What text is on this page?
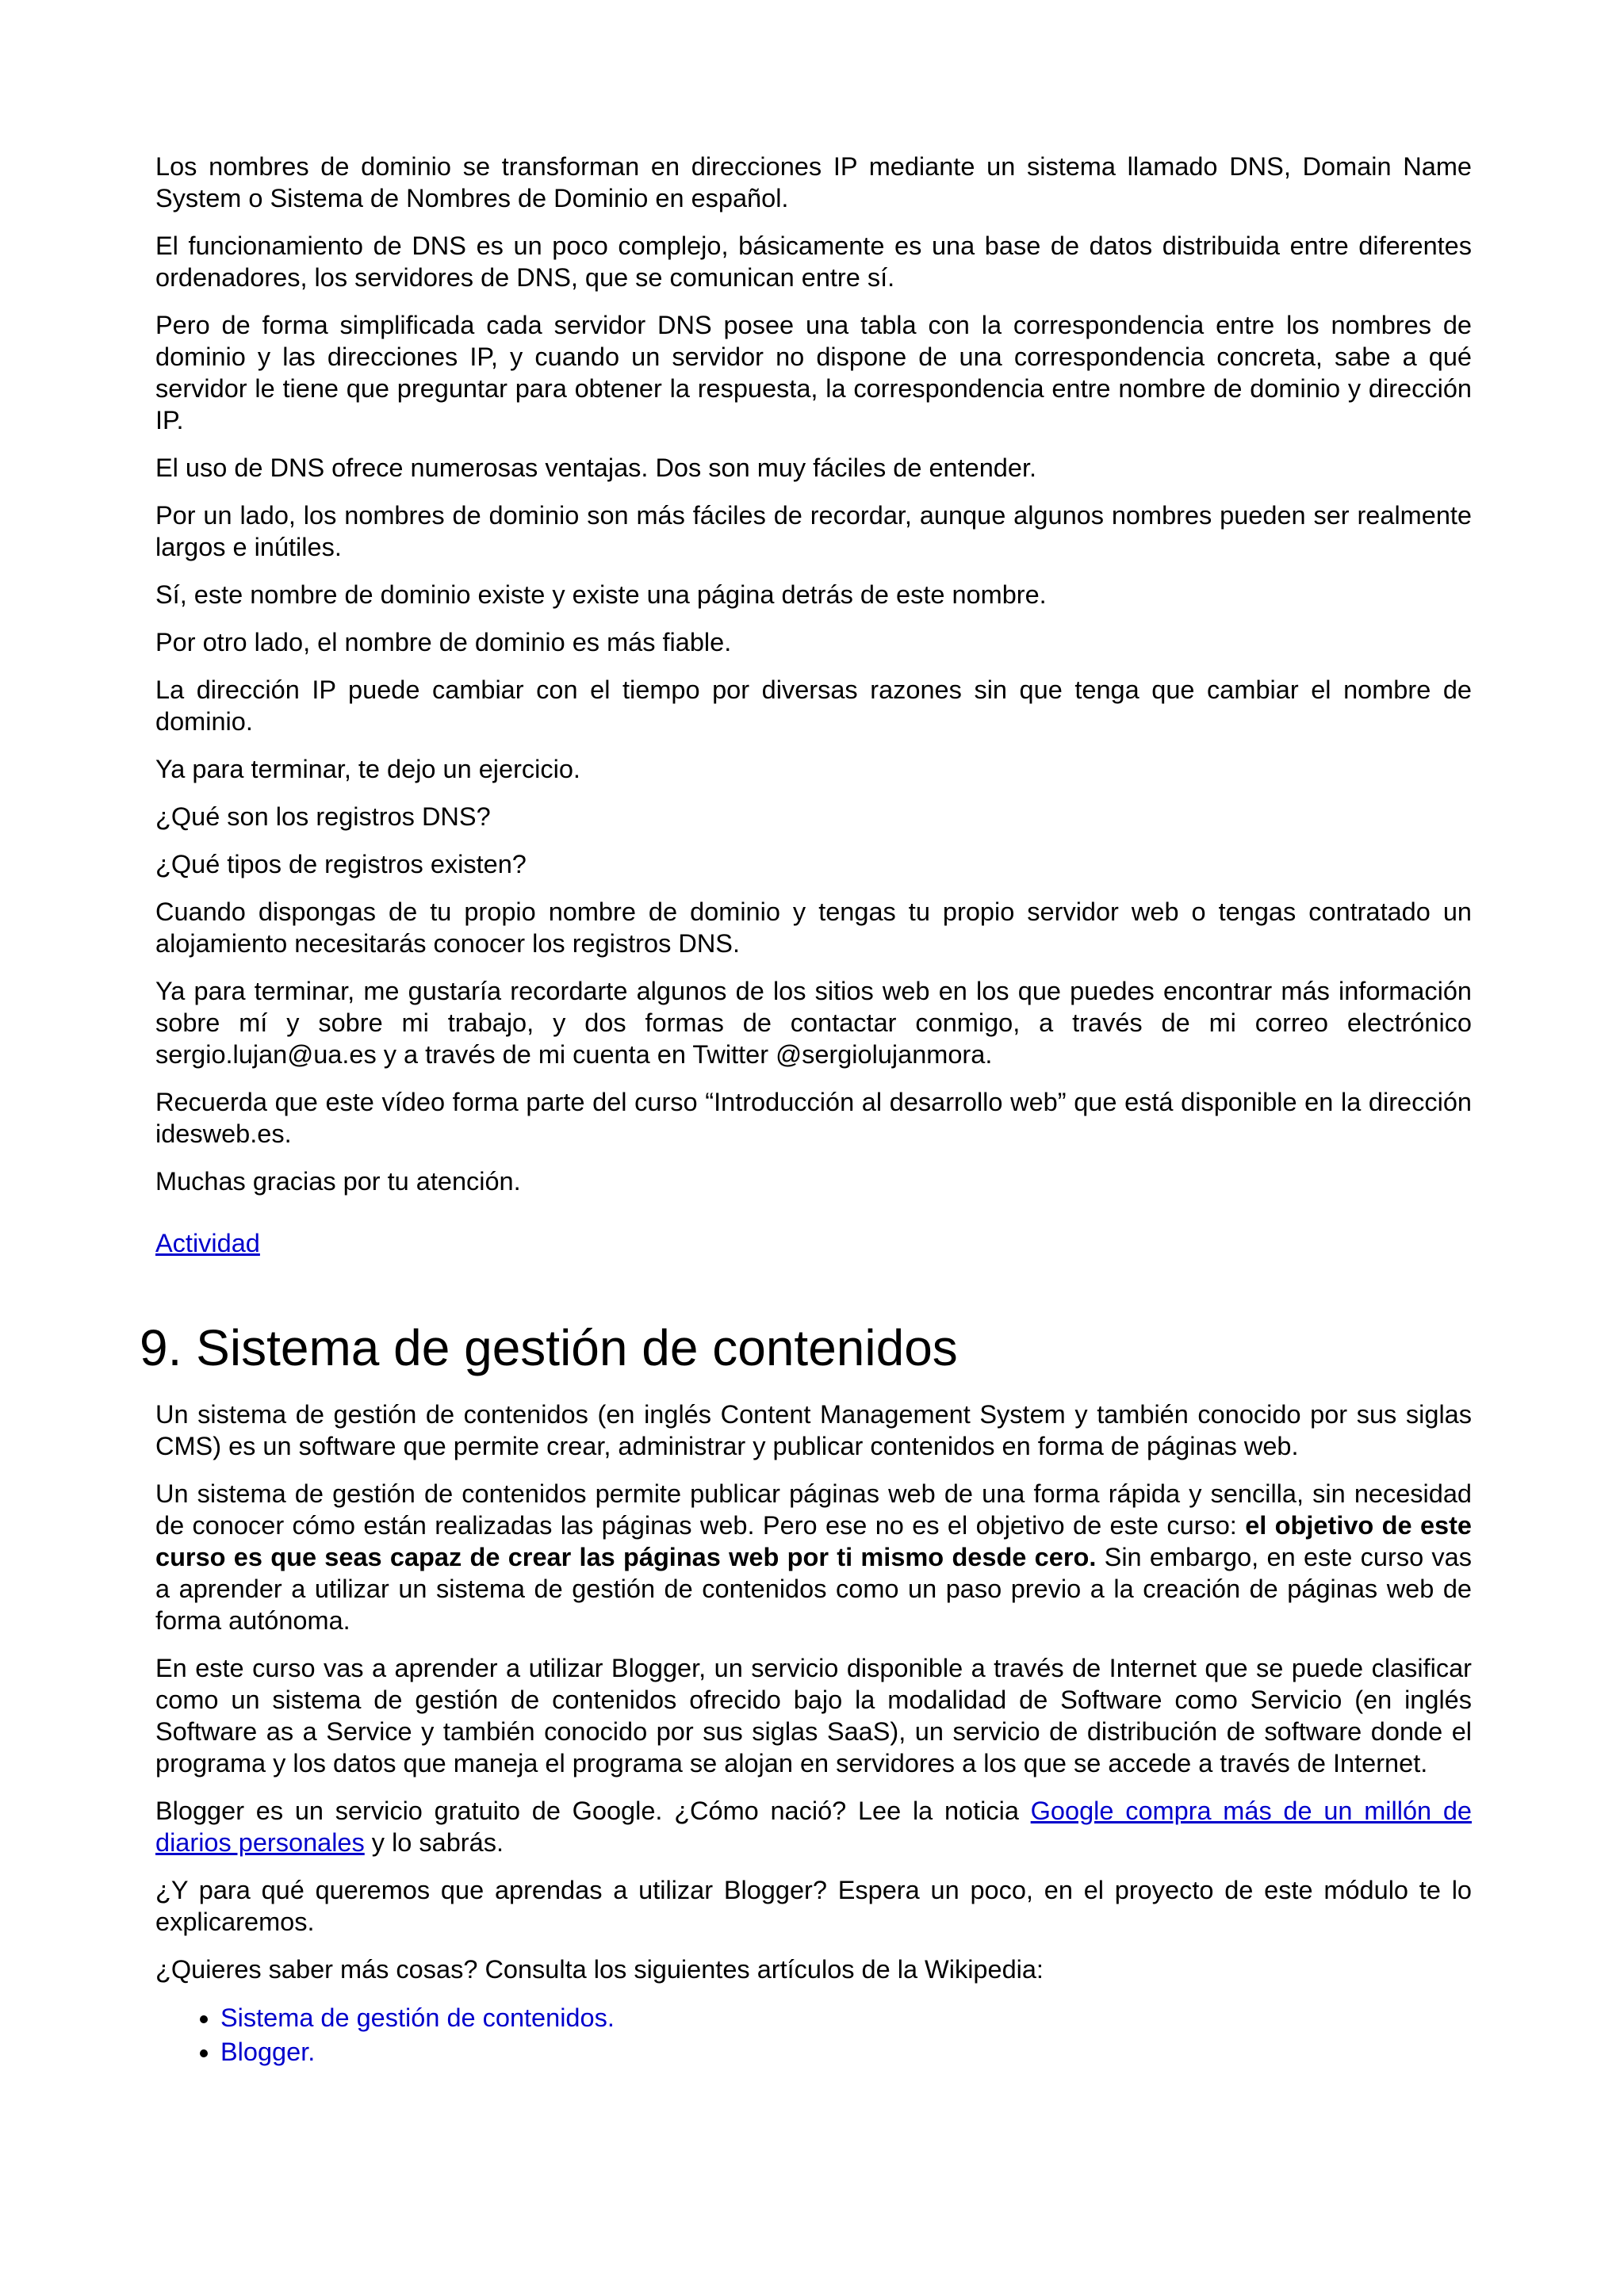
Los nombres de dominio se transforman en direcciones IP mediante un sistema llamado DNS, Domain Name System o Sistema de Nombres de Dominio en español.

El funcionamiento de DNS es un poco complejo, básicamente es una base de datos distribuida entre diferentes ordenadores, los servidores de DNS, que se comunican entre sí.

Pero de forma simplificada cada servidor DNS posee una tabla con la correspondencia entre los nombres de dominio y las direcciones IP, y cuando un servidor no dispone de una correspondencia concreta, sabe a qué servidor le tiene que preguntar para obtener la respuesta, la correspondencia entre nombre de dominio y dirección IP.

El uso de DNS ofrece numerosas ventajas. Dos son muy fáciles de entender.

Por un lado, los nombres de dominio son más fáciles de recordar, aunque algunos nombres pueden ser realmente largos e inútiles.

Sí, este nombre de dominio existe y existe una página detrás de este nombre.

Por otro lado, el nombre de dominio es más fiable.

La dirección IP puede cambiar con el tiempo por diversas razones sin que tenga que cambiar el nombre de dominio.

Ya para terminar, te dejo un ejercicio.

¿Qué son los registros DNS?

¿Qué tipos de registros existen?

Cuando dispongas de tu propio nombre de dominio y tengas tu propio servidor web o tengas contratado un alojamiento necesitarás conocer los registros DNS.

Ya para terminar, me gustaría recordarte algunos de los sitios web en los que puedes encontrar más información sobre mí y sobre mi trabajo, y dos formas de contactar conmigo, a través de mi correo electrónico sergio.lujan@ua.es y a través de mi cuenta en Twitter @sergiolujanmora.

Recuerda que este vídeo forma parte del curso “Introducción al desarrollo web” que está disponible en la dirección idesweb.es.

Muchas gracias por tu atención.

Actividad

9. Sistema de gestión de contenidos

Un sistema de gestión de contenidos (en inglés Content Management System y también conocido por sus siglas CMS) es un software que permite crear, administrar y publicar contenidos en forma de páginas web.

Un sistema de gestión de contenidos permite publicar páginas web de una forma rápida y sencilla, sin necesidad de conocer cómo están realizadas las páginas web. Pero ese no es el objetivo de este curso: el objetivo de este curso es que seas capaz de crear las páginas web por ti mismo desde cero. Sin embargo, en este curso vas a aprender a utilizar un sistema de gestión de contenidos como un paso previo a la creación de páginas web de forma autónoma.

En este curso vas a aprender a utilizar Blogger, un servicio disponible a través de Internet que se puede clasificar como un sistema de gestión de contenidos ofrecido bajo la modalidad de Software como Servicio (en inglés Software as a Service y también conocido por sus siglas SaaS), un servicio de distribución de software donde el programa y los datos que maneja el programa se alojan en servidores a los que se accede a través de Internet.

Blogger es un servicio gratuito de Google. ¿Cómo nació? Lee la noticia Google compra más de un millón de diarios personales y lo sabrás.

¿Y para qué queremos que aprendas a utilizar Blogger? Espera un poco, en el proyecto de este módulo te lo explicaremos.

¿Quieres saber más cosas? Consulta los siguientes artículos de la Wikipedia:

• Sistema de gestión de contenidos.
• Blogger.
